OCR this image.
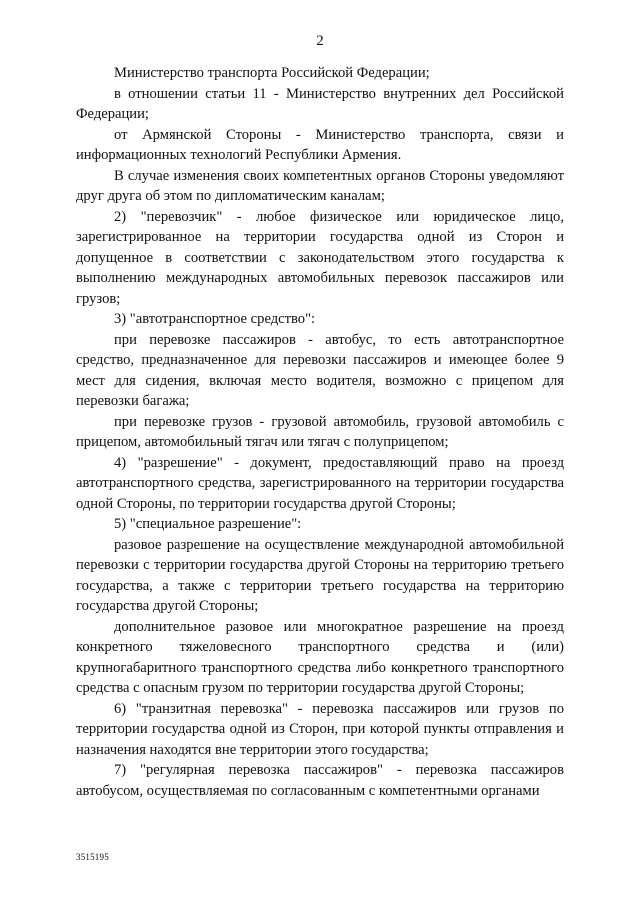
2

Министерство транспорта Российской Федерации;

в отношении статьи 11 - Министерство внутренних дел Российской Федерации;

от Армянской Стороны - Министерство транспорта, связи и информационных технологий Республики Армения.

В случае изменения своих компетентных органов Стороны уведомляют друг друга об этом по дипломатическим каналам;

2) "перевозчик" - любое физическое или юридическое лицо, зарегистрированное на территории государства одной из Сторон и допущенное в соответствии с законодательством этого государства к выполнению международных автомобильных перевозок пассажиров или грузов;

3) "автотранспортное средство":

при перевозке пассажиров - автобус, то есть автотранспортное средство, предназначенное для перевозки пассажиров и имеющее более 9 мест для сидения, включая место водителя, возможно с прицепом для перевозки багажа;

при перевозке грузов - грузовой автомобиль, грузовой автомобиль с прицепом, автомобильный тягач или тягач с полуприцепом;

4) "разрешение" - документ, предоставляющий право на проезд автотранспортного средства, зарегистрированного на территории государства одной Стороны, по территории государства другой Стороны;

5) "специальное разрешение":

разовое разрешение на осуществление международной автомобильной перевозки с территории государства другой Стороны на территорию третьего государства, а также с территории третьего государства на территорию государства другой Стороны;

дополнительное разовое или многократное разрешение на проезд конкретного тяжеловесного транспортного средства и (или) крупногабаритного транспортного средства либо конкретного транспортного средства с опасным грузом по территории государства другой Стороны;

6) "транзитная перевозка" - перевозка пассажиров или грузов по территории государства одной из Сторон, при которой пункты отправления и назначения находятся вне территории этого государства;

7) "регулярная перевозка пассажиров" - перевозка пассажиров автобусом, осуществляемая по согласованным с компетентными органами

3515195
